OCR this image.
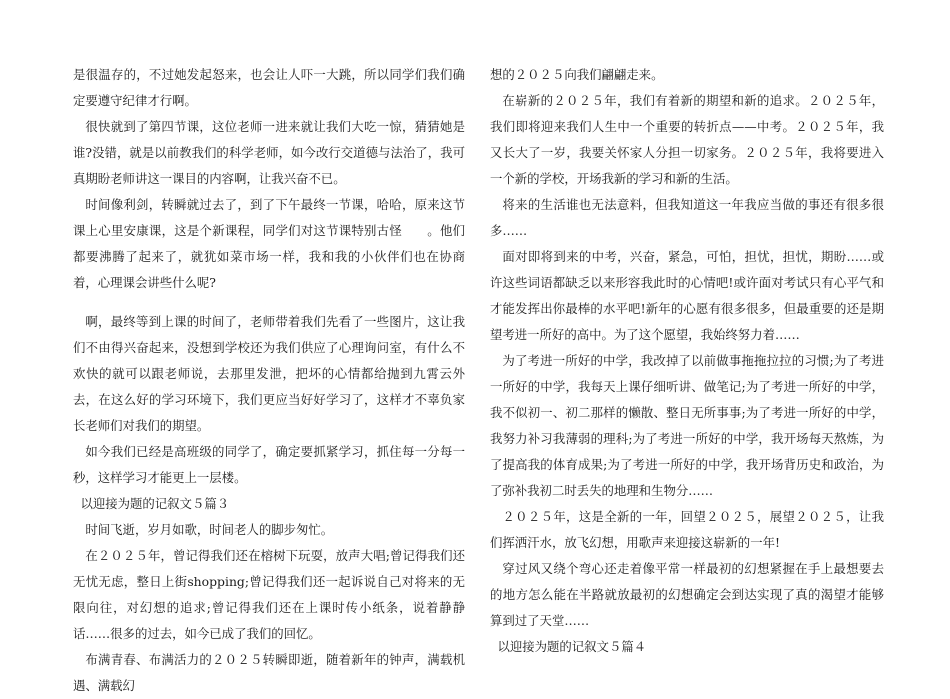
是很温存的，不过她发起怒来，也会让人吓一大跳，所以同学们我们确定要遵守纪律才行啊。

很快就到了第四节课，这位老师一进来就让我们大吃一惊，猜猜她是谁?没错，就是以前教我们的科学老师，如今改行交道德与法治了，我可真期盼老师讲这一课目的内容啊，让我兴奋不已。

时间像利剑，转瞬就过去了，到了下午最终一节课，哈哈，原来这节课上心里安康课，这是个新课程，同学们对这节课特别古怪　　。他们都要沸腾了起来了，就犹如菜市场一样，我和我的小伙伴们也在协商　着，心理课会讲些什么呢?

啊，最终等到上课的时间了，老师带着我们先看了一些图片，这让我们不由得兴奋起来，没想到学校还为我们供应了心理询问室，有什么不欢快的就可以跟老师说，去那里发泄，把坏的心情都给抛到九霄云外去，在这么好的学习环境下，我们更应当好好学习了，这样才不辜负家长老师们对我们的期望。

如今我们已经是高班级的同学了，确定要抓紧学习，抓住每一分每一秒，这样学习才能更上一层楼。

以迎接为题的记叙文５篇３

时间飞逝，岁月如歌，时间老人的脚步匆忙。

在２０２５年，曾记得我们还在榕树下玩耍，放声大唱;曾记得我们还无忧无虑，整日上街shopping;曾记得我们还一起诉说自己对将来的无限向往，对幻想的追求;曾记得我们还在上课时传小纸条，说着静静话……很多的过去，如今已成了我们的回忆。

布满青春、布满活力的２０２５转瞬即逝，随着新年的钟声，满载机遇、满载幻

想的２０２５向我们翩翩走来。

在崭新的２０２５年，我们有着新的期望和新的追求。２０２５年，我们即将迎来我们人生中一个重要的转折点——中考。２０２５年，我又长大了一岁，我要关怀家人分担一切家务。２０２５年，我将要进入一个新的学校，开场我新的学习和新的生活。

将来的生活谁也无法意料，但我知道这一年我应当做的事还有很多很多……

面对即将到来的中考，兴奋，紧急，可怕，担忧，担忧，期盼……或许这些词语都缺乏以来形容我此时的心情吧!或许面对考试只有心平气和才能发挥出你最棒的水平吧!新年的心愿有很多很多，但最重要的还是期望考进一所好的高中。为了这个愿望，我始终努力着……

为了考进一所好的中学，我改掉了以前做事拖拖拉拉的习惯;为了考进一所好的中学，我每天上课仔细听讲、做笔记;为了考进一所好的中学，我不似初一、初二那样的懒散、整日无所事事;为了考进一所好的中学，我努力补习我薄弱的理科;为了考进一所好的中学，我开场每天熬炼，为了提高我的体育成果;为了考进一所好的中学，我开场背历史和政治，为了弥补我初二时丢失的地理和生物分……

２０２５年，这是全新的一年，回望２０２５，展望２０２５，让我们挥洒汗水，放飞幻想，用歌声来迎接这崭新的一年!

穿过风又绕个弯心还走着像平常一样最初的幻想紧握在手上最想要去的地方怎么能在半路就放最初的幻想确定会到达实现了真的渴望才能够算到过了天堂……

以迎接为题的记叙文５篇４
